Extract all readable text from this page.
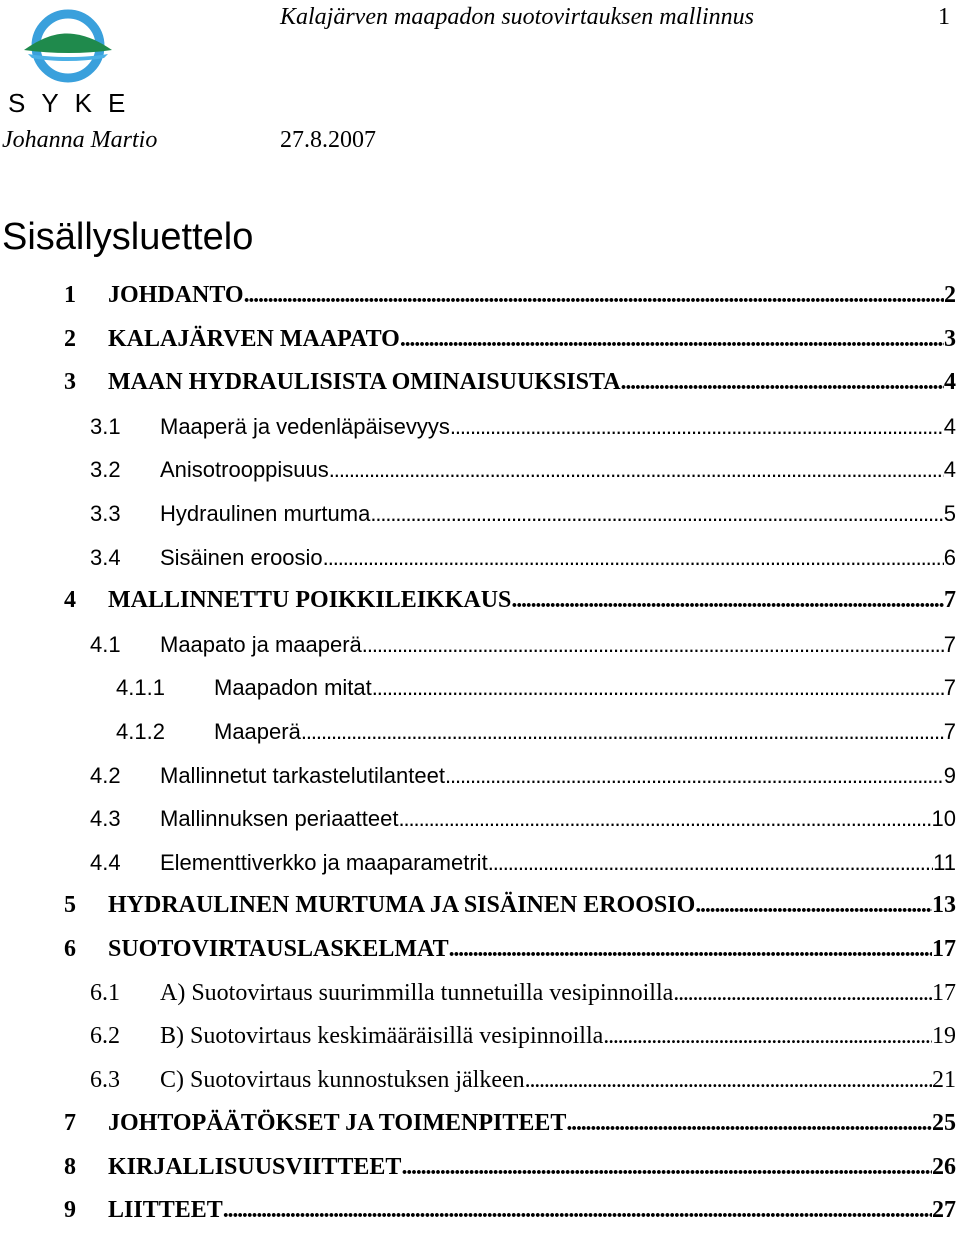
Kalajärven maapadon suotovirtauksen mallinnus	1
SYKE
Johanna Martio	27.8.2007
Sisällysluettelo
1 JOHDANTO . . .	2
2 KALAJÄRVEN MAAPATO . . .	3
3 MAAN HYDRAULISISTA OMINAISUUKSISTA . . .	4
3.1 Maaperä ja vedenläpäisevyys . . .	4
3.2 Anisotrooppisuus . . .	4
3.3 Hydraulinen murtuma . . .	5
3.4 Sisäinen eroosio . . .	6
4 MALLINNETTU POIKKILEIKKAUS . . .	7
4.1 Maapato ja maaperä . . .	7
4.1.1 Maapadon mitat . . .	7
4.1.2 Maaperä . . .	7
4.2 Mallinnetut tarkastelutilanteet . . .	9
4.3 Mallinnuksen periaatteet . . .	10
4.4 Elementtiverkko ja maaparametrit . . .	11
5 HYDRAULINEN MURTUMA JA SISÄINEN EROOSIO . . .	13
6 SUOTOVIRTAUSLASKELMAT . . .	17
6.1 A) Suotovirtaus suurimmilla tunnetuilla vesipinnoilla . . .	17
6.2 B) Suotovirtaus keskimääräisillä vesipinnoilla . . .	19
6.3 C) Suotovirtaus kunnostuksen jälkeen . . .	21
7 JOHTOPÄÄTÖKSET JA TOIMENPITEET . . .	25
8 KIRJALLISUUSVIITTEET . . .	26
9 LIITTEET . . .	27
